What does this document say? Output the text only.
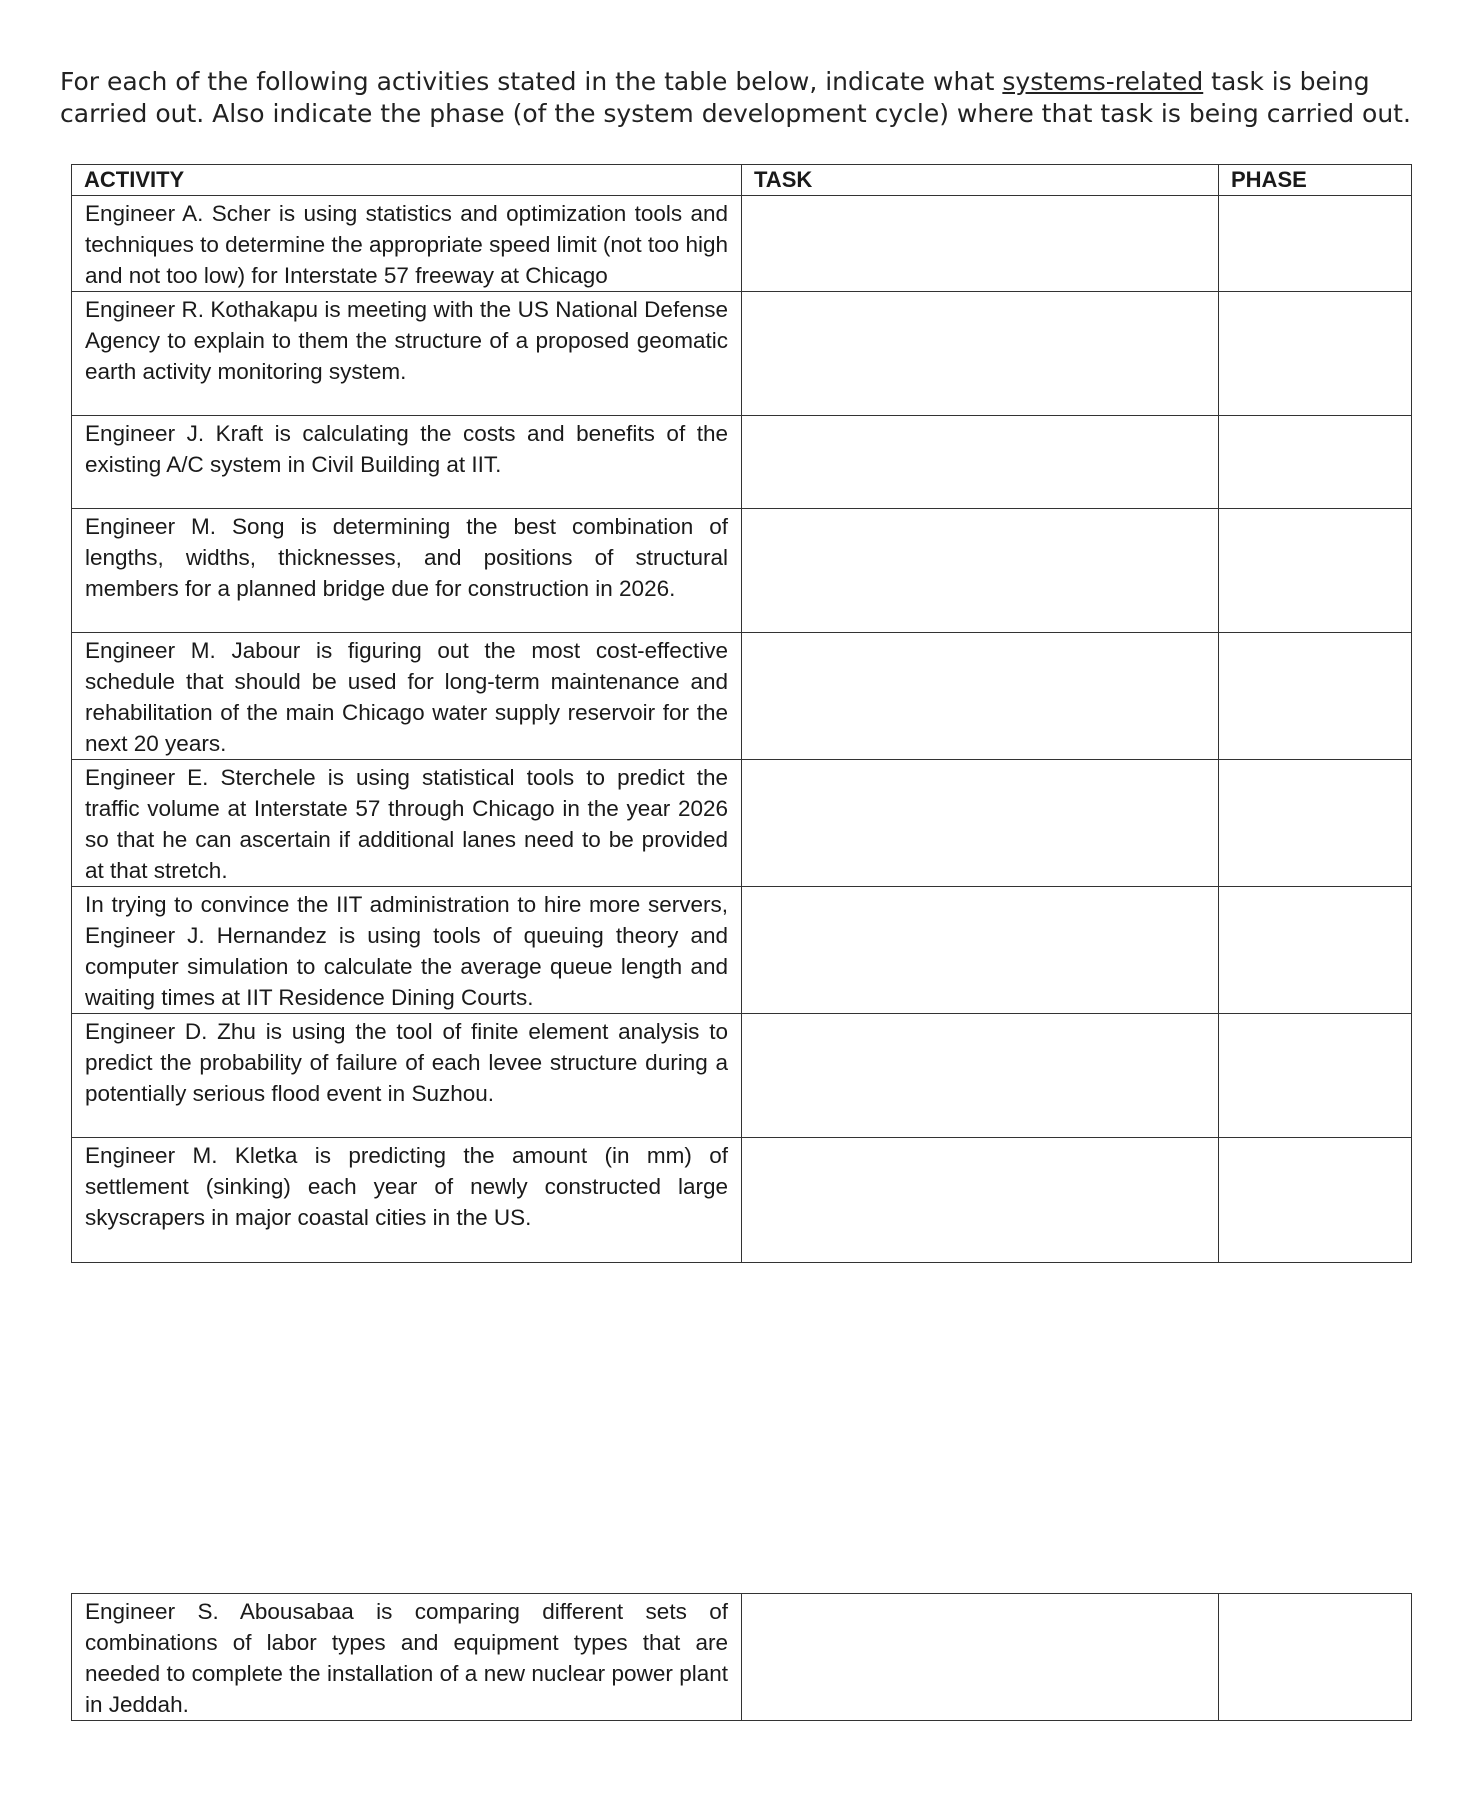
For each of the following activities stated in the table below, indicate what systems-related task is being carried out. Also indicate the phase (of the system development cycle) where that task is being carried out.

ACTIVITY	TASK	PHASE
Engineer A. Scher is using statistics and optimization tools and techniques to determine the appropriate speed limit (not too high and not too low) for Interstate 57 freeway at Chicago		
Engineer R. Kothakapu is meeting with the US National Defense Agency to explain to them the structure of a proposed geomatic earth activity monitoring system.		
Engineer J. Kraft is calculating the costs and benefits of the existing A/C system in Civil Building at IIT.		
Engineer M. Song is determining the best combination of lengths, widths, thicknesses, and positions of structural members for a planned bridge due for construction in 2026.		
Engineer M. Jabour is figuring out the most cost-effective schedule that should be used for long-term maintenance and rehabilitation of the main Chicago water supply reservoir for the next 20 years.		
Engineer E. Sterchele is using statistical tools to predict the traffic volume at Interstate 57 through Chicago in the year 2026 so that he can ascertain if additional lanes need to be provided at that stretch.		
In trying to convince the IIT administration to hire more servers, Engineer J. Hernandez is using tools of queuing theory and computer simulation to calculate the average queue length and waiting times at IIT Residence Dining Courts.		
Engineer D. Zhu is using the tool of finite element analysis to predict the probability of failure of each levee structure during a potentially serious flood event in Suzhou.		
Engineer M. Kletka is predicting the amount (in mm) of settlement (sinking) each year of newly constructed large skyscrapers in major coastal cities in the US.		
Engineer S. Abousabaa is comparing different sets of combinations of labor types and equipment types that are needed to complete the installation of a new nuclear power plant in Jeddah.		
